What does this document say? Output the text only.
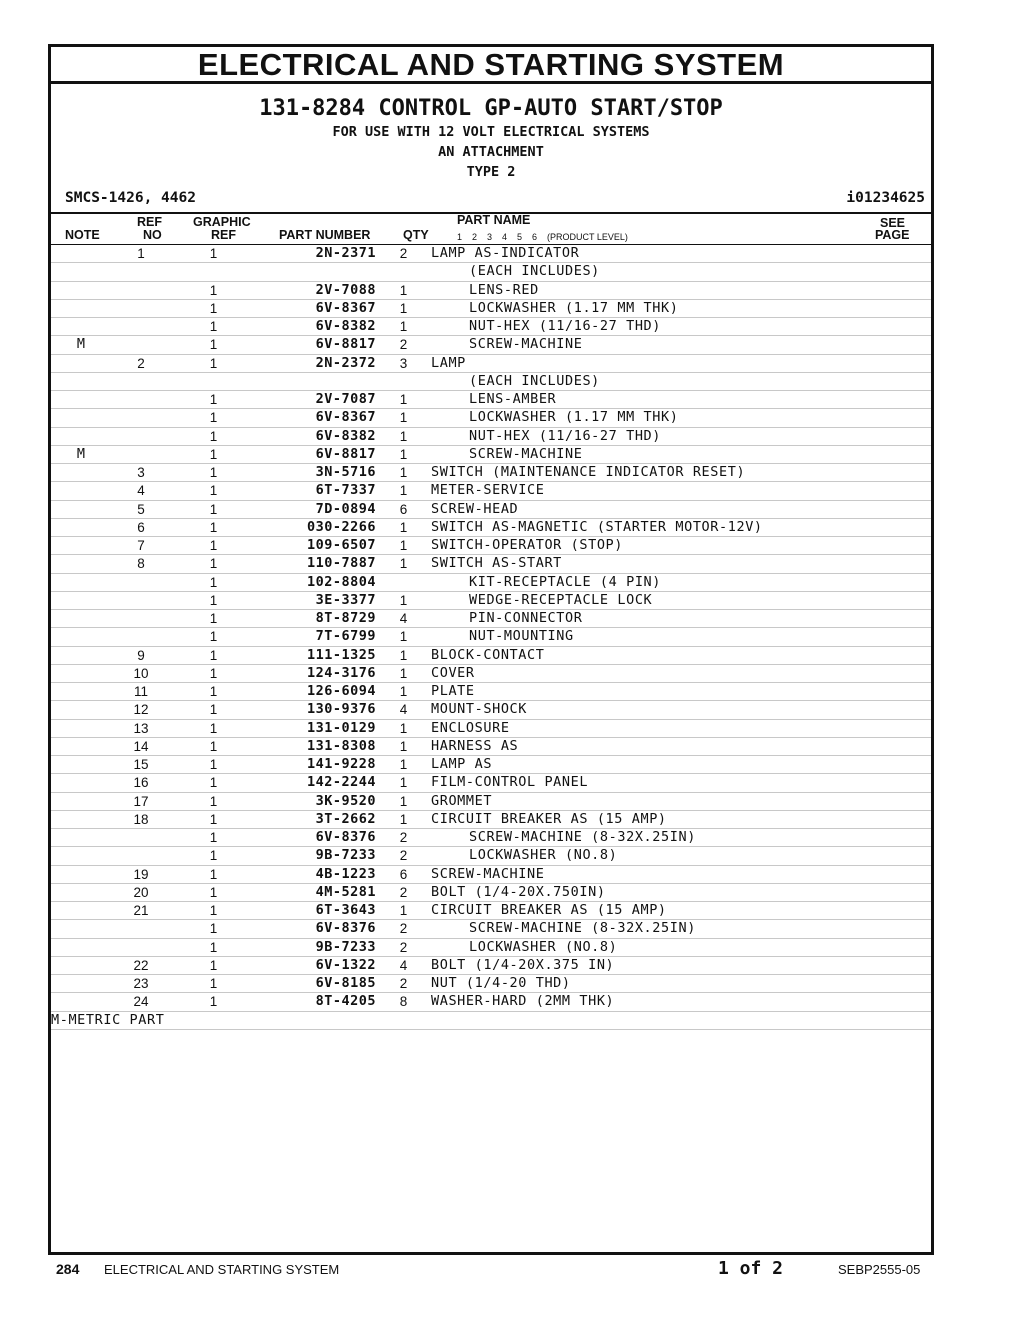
ELECTRICAL AND STARTING SYSTEM
131-8284 CONTROL GP-AUTO START/STOP
FOR USE WITH 12 VOLT ELECTRICAL SYSTEMS
AN ATTACHMENT
TYPE 2
SMCS-1426, 4462	i01234625
NOTE
REF
NO
GRAPHIC
REF	PART NUMBER	QTY
PART NAME
1    2    3    4    5    6    (PRODUCT LEVEL)
SEE
PAGE
	1	1	2N-2371	2	LAMP AS-INDICATOR
					(EACH INCLUDES)
		1	2V-7088	1	LENS-RED
		1	6V-8367	1	LOCKWASHER (1.17 MM THK)
		1	6V-8382	1	NUT-HEX (11/16-27 THD)
M		1	6V-8817	2	SCREW-MACHINE
	2	1	2N-2372	3	LAMP
					(EACH INCLUDES)
		1	2V-7087	1	LENS-AMBER
		1	6V-8367	1	LOCKWASHER (1.17 MM THK)
		1	6V-8382	1	NUT-HEX (11/16-27 THD)
M		1	6V-8817	1	SCREW-MACHINE
	3	1	3N-5716	1	SWITCH (MAINTENANCE INDICATOR RESET)
	4	1	6T-7337	1	METER-SERVICE
	5	1	7D-0894	6	SCREW-HEAD
	6	1	030-2266	1	SWITCH AS-MAGNETIC (STARTER MOTOR-12V)
	7	1	109-6507	1	SWITCH-OPERATOR (STOP)
	8	1	110-7887	1	SWITCH AS-START
		1	102-8804		KIT-RECEPTACLE (4 PIN)
		1	3E-3377	1	WEDGE-RECEPTACLE LOCK
		1	8T-8729	4	PIN-CONNECTOR
		1	7T-6799	1	NUT-MOUNTING
	9	1	111-1325	1	BLOCK-CONTACT
	10	1	124-3176	1	COVER
	11	1	126-6094	1	PLATE
	12	1	130-9376	4	MOUNT-SHOCK
	13	1	131-0129	1	ENCLOSURE
	14	1	131-8308	1	HARNESS AS
	15	1	141-9228	1	LAMP AS
	16	1	142-2244	1	FILM-CONTROL PANEL
	17	1	3K-9520	1	GROMMET
	18	1	3T-2662	1	CIRCUIT BREAKER AS (15 AMP)
		1	6V-8376	2	SCREW-MACHINE (8-32X.25IN)
		1	9B-7233	2	LOCKWASHER (NO.8)
	19	1	4B-1223	6	SCREW-MACHINE
	20	1	4M-5281	2	BOLT (1/4-20X.750IN)
	21	1	6T-3643	1	CIRCUIT BREAKER AS (15 AMP)
		1	6V-8376	2	SCREW-MACHINE (8-32X.25IN)
		1	9B-7233	2	LOCKWASHER (NO.8)
	22	1	6V-1322	4	BOLT (1/4-20X.375 IN)
	23	1	6V-8185	2	NUT (1/4-20 THD)
	24	1	8T-4205	8	WASHER-HARD (2MM THK)
M-METRIC PART					
284 ELECTRICAL AND STARTING SYSTEM	1 of 2	SEBP2555-05
